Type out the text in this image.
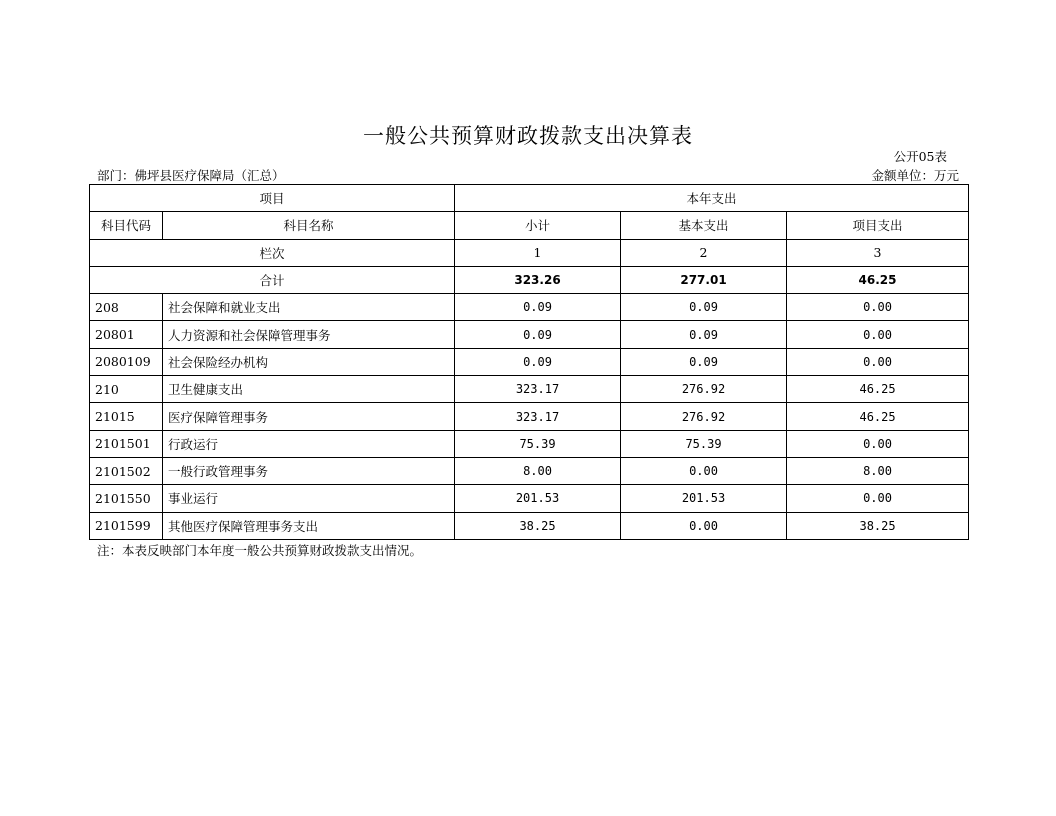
一般公共预算财政拨款支出决算表
公开05表
部门：佛坪县医疗保障局（汇总）	金额单位：万元
项目		本年支出		
科目代码	科目名称	小计	基本支出	项目支出
栏次		1	2	3
合计		323.26	277.01	46.25
208	社会保障和就业支出	0.09	0.09	0.00
20801	人力资源和社会保障管理事务	0.09	0.09	0.00
2080109	社会保险经办机构	0.09	0.09	0.00
210	卫生健康支出	323.17	276.92	46.25
21015	医疗保障管理事务	323.17	276.92	46.25
2101501	行政运行	75.39	75.39	0.00
2101502	一般行政管理事务	8.00	0.00	8.00
2101550	事业运行	201.53	201.53	0.00
2101599	其他医疗保障管理事务支出	38.25	0.00	38.25
注：本表反映部门本年度一般公共预算财政拨款支出情况。
